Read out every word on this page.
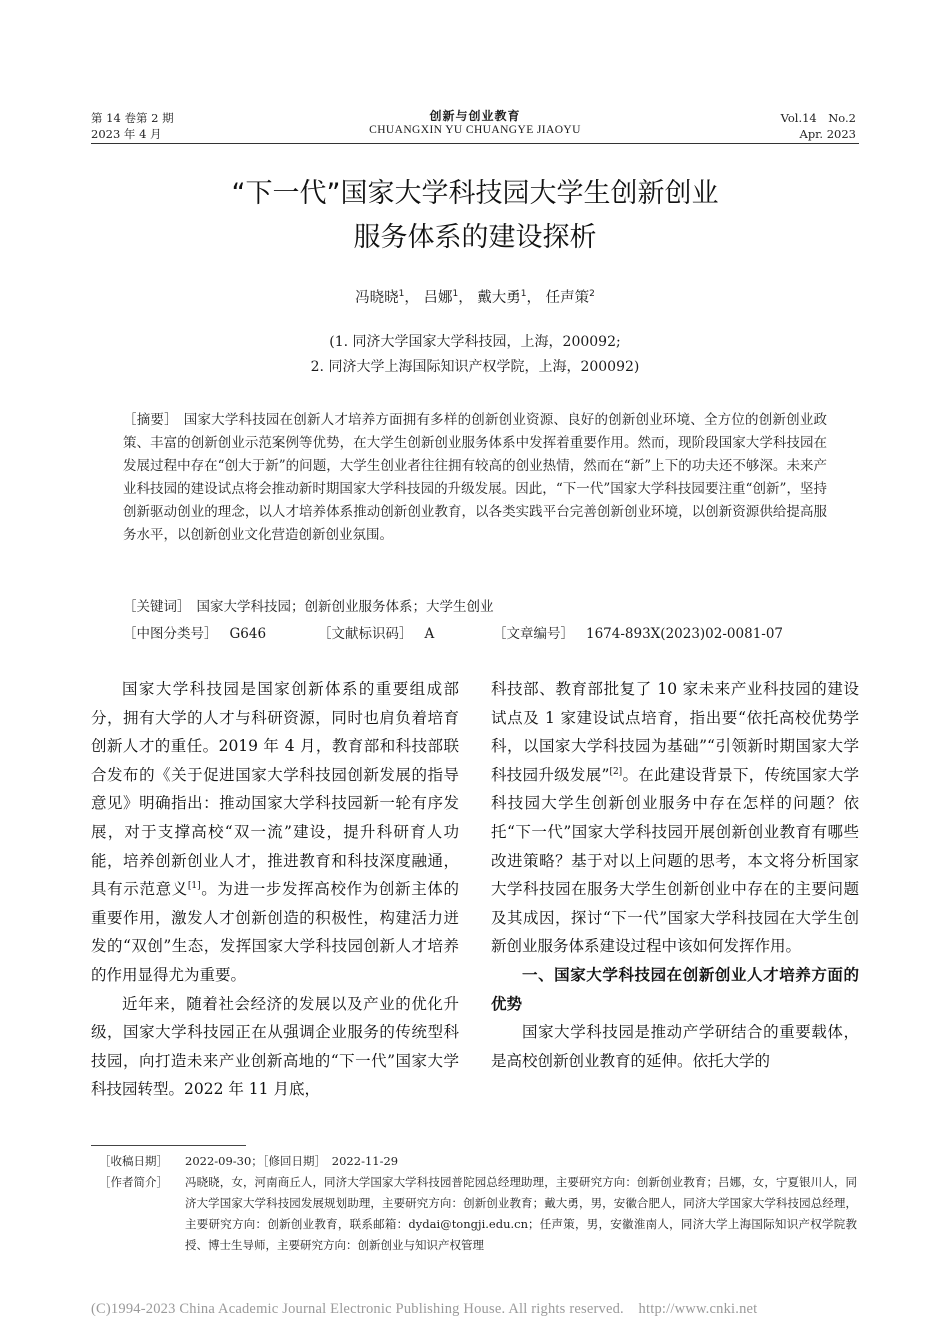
第 14 卷第 2 期
2023 年 4 月
创新与创业教育
CHUANGXIN YU CHUANGYE JIAOYU
Vol.14　No.2
Apr. 2023
“下一代”国家大学科技园大学生创新创业
服务体系的建设探析
冯晓晓$^1$， 吕娜$^1$， 戴大勇$^1$， 任声策$^2$
(1. 同济大学国家大学科技园，上海，200092;
2. 同济大学上海国际知识产权学院，上海，200092)
［摘要］ 国家大学科技园在创新人才培养方面拥有多样的创新创业资源、良好的创新创业环境、全方位的创新创业政策、丰富的创新创业示范案例等优势，在大学生创新创业服务体系中发挥着重要作用。然而，现阶段国家大学科技园在发展过程中存在“创大于新”的问题，大学生创业者往往拥有较高的创业热情，然而在“新”上下的功夫还不够深。未来产业科技园的建设试点将会推动新时期国家大学科技园的升级发展。因此，“下一代”国家大学科技园要注重“创新”，坚持创新驱动创业的理念，以人才培养体系推动创新创业教育，以各类实践平台完善创新创业环境，以创新资源供给提高服务水平，以创新创业文化营造创新创业氛围。
［关键词］ 国家大学科技园；创新创业服务体系；大学生创业
［中图分类号］ G646	［文献标识码］ A	［文章编号］ 1674-893X(2023)02-0081-07

国家大学科技园是国家创新体系的重要组成部分，拥有大学的人才与科研资源，同时也肩负着培育创新人才的重任。2019 年 4 月，教育部和科技部联合发布的《关于促进国家大学科技园创新发展的指导意见》明确指出：推动国家大学科技园新一轮有序发展，对于支撑高校“双一流”建设，提升科研育人功能，培养创新创业人才，推进教育和科技深度融通，具有示范意义[1]。为进一步发挥高校作为创新主体的重要作用，激发人才创新创造的积极性，构建活力迸发的“双创”生态，发挥国家大学科技园创新人才培养的作用显得尤为重要。

近年来，随着社会经济的发展以及产业的优化升级，国家大学科技园正在从强调企业服务的传统型科技园，向打造未来产业创新高地的“下一代”国家大学科技园转型。2022 年 11 月底，

科技部、教育部批复了 10 家未来产业科技园的建设试点及 1 家建设试点培育，指出要“依托高校优势学科，以国家大学科技园为基础”“引领新时期国家大学科技园升级发展”[2]。在此建设背景下，传统国家大学科技园大学生创新创业服务中存在怎样的问题？依托“下一代”国家大学科技园开展创新创业教育有哪些改进策略？基于对以上问题的思考，本文将分析国家大学科技园在服务大学生创新创业中存在的主要问题及其成因，探讨“下一代”国家大学科技园在大学生创新创业服务体系建设过程中该如何发挥作用。

一、国家大学科技园在创新创业人才培养方面的优势

国家大学科技园是推动产学研结合的重要载体，是高校创新创业教育的延伸。依托大学的

［收稿日期］ 2022-09-30；［修回日期］　2022-11-29
［作者简介］ 冯晓晓，女，河南商丘人，同济大学国家大学科技园普陀园总经理助理，主要研究方向：创新创业教育；吕娜，女，宁夏银川人，同济大学国家大学科技园发展规划助理，主要研究方向：创新创业教育；戴大勇，男，安徽合肥人，同济大学国家大学科技园总经理，主要研究方向：创新创业教育，联系邮箱：dydai@tongji.edu.cn；任声策，男，安徽淮南人，同济大学上海国际知识产权学院教授、博士生导师，主要研究方向：创新创业与知识产权管理
(C)1994-2023 China Academic Journal Electronic Publishing House. All rights reserved.　http://www.cnki.net
